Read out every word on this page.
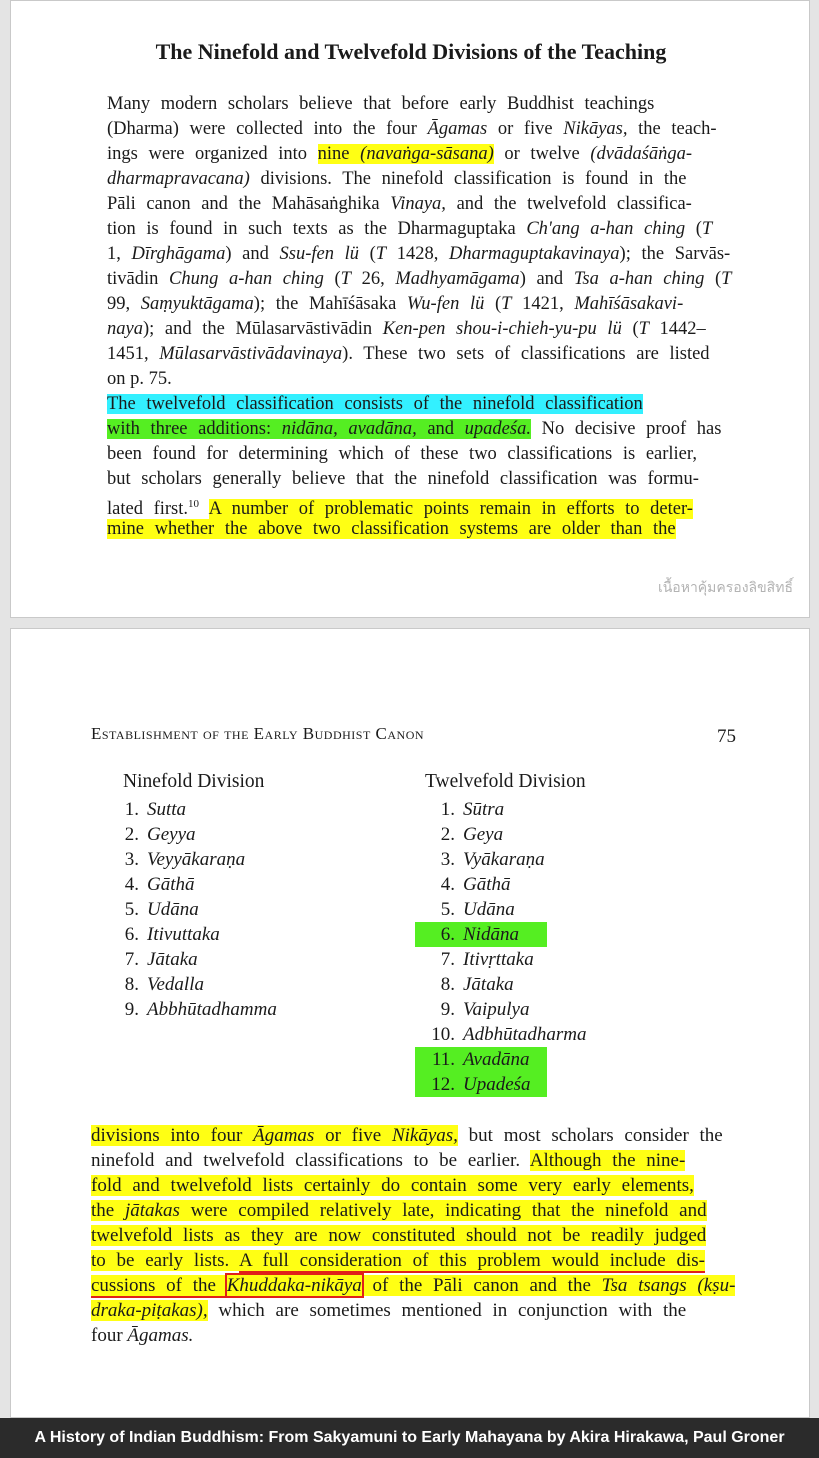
The Ninefold and Twelvefold Divisions of the Teaching
Many modern scholars believe that before early Buddhist teachings
(Dharma) were collected into the four Āgamas or five Nikāyas, the teach-
ings were organized into nine (navaṅga-sāsana) or twelve (dvādaśāṅga-
dharmapravacana) divisions. The ninefold classification is found in the
Pāli canon and the Mahāsaṅghika Vinaya, and the twelvefold classifica-
tion is found in such texts as the Dharmaguptaka Ch'ang a-han ching (T
1, Dīrghāgama) and Ssu-fen lü (T 1428, Dharmaguptakavinaya); the Sarvās-
tivādin Chung a-han ching (T 26, Madhyamāgama) and Tsa a-han ching (T
99, Saṃyuktāgama); the Mahīśāsaka Wu-fen lü (T 1421, Mahīśāsakavi-
naya); and the Mūlasarvāstivādin Ken-pen shou-i-chieh-yu-pu lü (T 1442–
1451, Mūlasarvāstivādavinaya). These two sets of classifications are listed
on p. 75.
The twelvefold classification consists of the ninefold classification
with three additions: nidāna, avadāna, and upadeśa. No decisive proof has
been found for determining which of these two classifications is earlier,
but scholars generally believe that the ninefold classification was formu-
lated first.$^{10}$ A number of problematic points remain in efforts to deter-
mine whether the above two classification systems are older than the
เนื้อหาคุ้มครองลิขสิทธิ์
Establishment of the Early Buddhist Canon	75
Ninefold Division	Twelvefold Division
1. Sutta
2. Geyya
3. Veyyākaraṇa
4. Gāthā
5. Udāna
6. Itivuttaka
7. Jātaka
8. Vedalla
9. Abbhūtadhamma
1. Sūtra
2. Geya
3. Vyākaraṇa
4. Gāthā
5. Udāna
6. Nidāna
7. Itivṛttaka
8. Jātaka
9. Vaipulya
10. Adbhūtadharma
11. Avadāna
12. Upadeśa
divisions into four Āgamas or five Nikāyas, but most scholars consider the
ninefold and twelvefold classifications to be earlier. Although the nine-
fold and twelvefold lists certainly do contain some very early elements,
the jātakas were compiled relatively late, indicating that the ninefold and
twelvefold lists as they are now constituted should not be readily judged
to be early lists. A full consideration of this problem would include dis-
cussions of the Khuddaka-nikāya of the Pāli canon and the Tsa tsangs (kṣu-
draka-piṭakas), which are sometimes mentioned in conjunction with the
four Āgamas.
A History of Indian Buddhism: From Sakyamuni to Early Mahayana by Akira Hirakawa, Paul Groner
